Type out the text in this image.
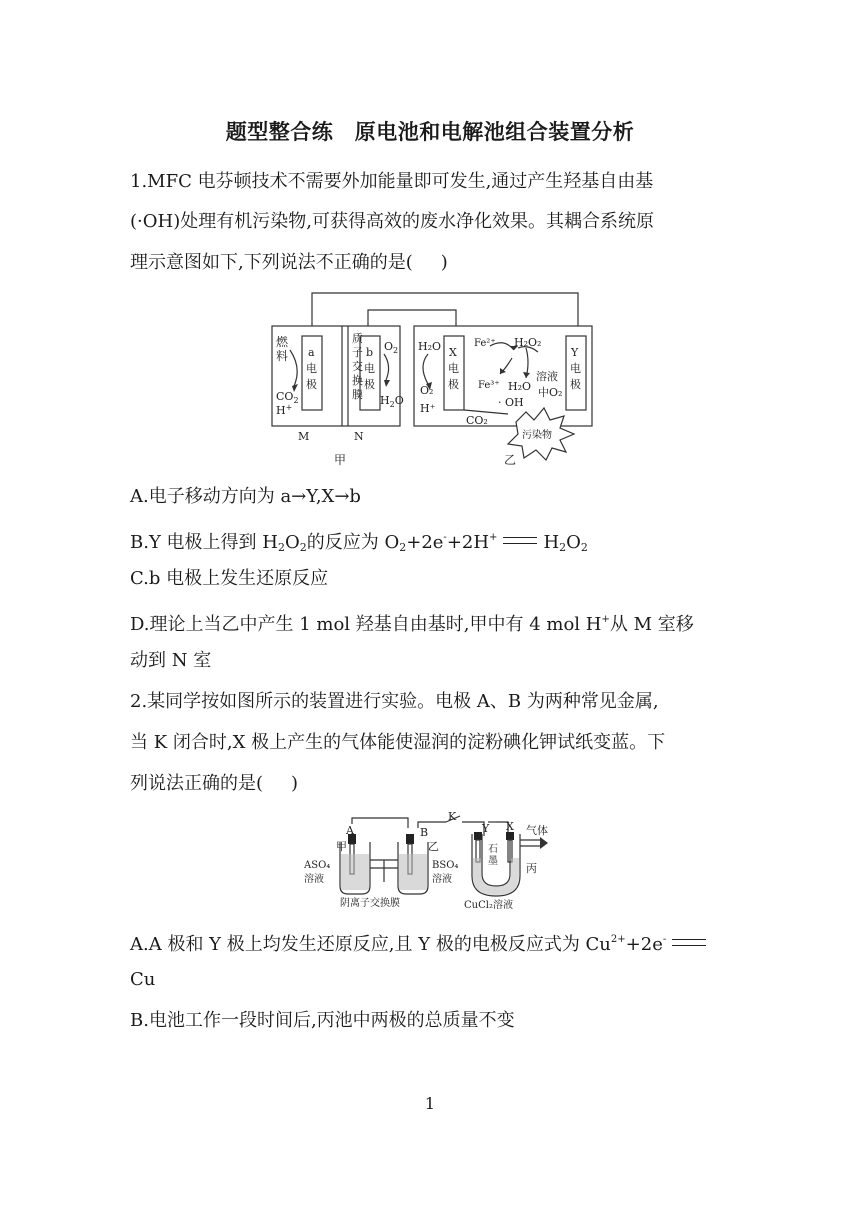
题型整合练　原电池和电解池组合装置分析
1.MFC 电芬顿技术不需要外加能量即可发生,通过产生羟基自由基
(·OH)处理有机污染物,可获得高效的废水净化效果。其耦合系统原
理示意图如下,下列说法不正确的是( )
燃料
$CO_2$
H+
a 电极
质子交换膜
b 电极
$O_2$
$H_2O$
M	N
甲
H₂O
O₂
H⁺
X 电极
Fe²⁺
Fe³⁺
H₂O₂
H₂O
· OH
CO₂
溶液中O₂
Y 电极
污染物
乙
A.电子移动方向为 a→Y,X→b
B.Y 电极上得到 $H_2O_2$的反应为 $O_2+2e^-+2H^+$	$H_2O_2$
C.b 电极上发生还原反应
D.理论上当乙中产生 1 mol 羟基自由基时,甲中有 4 mol H+从 M 室移
动到 N 室
2.某同学按如图所示的装置进行实验。电极 A、B 为两种常见金属,
当 K 闭合时,X 极上产生的气体能使湿润的淀粉碘化钾试纸变蓝。下
列说法正确的是( )
A	B
K
Y X 气体
甲	乙
丙
ASO₄
溶液
BSO₄
溶液
石墨
阴离子交换膜	CuCl₂溶液
A.A 极和 Y 极上均发生还原反应,且 Y 极的电极反应式为 $Cu^{2+}+2e^-$
Cu
B.电池工作一段时间后,丙池中两极的总质量不变
1
